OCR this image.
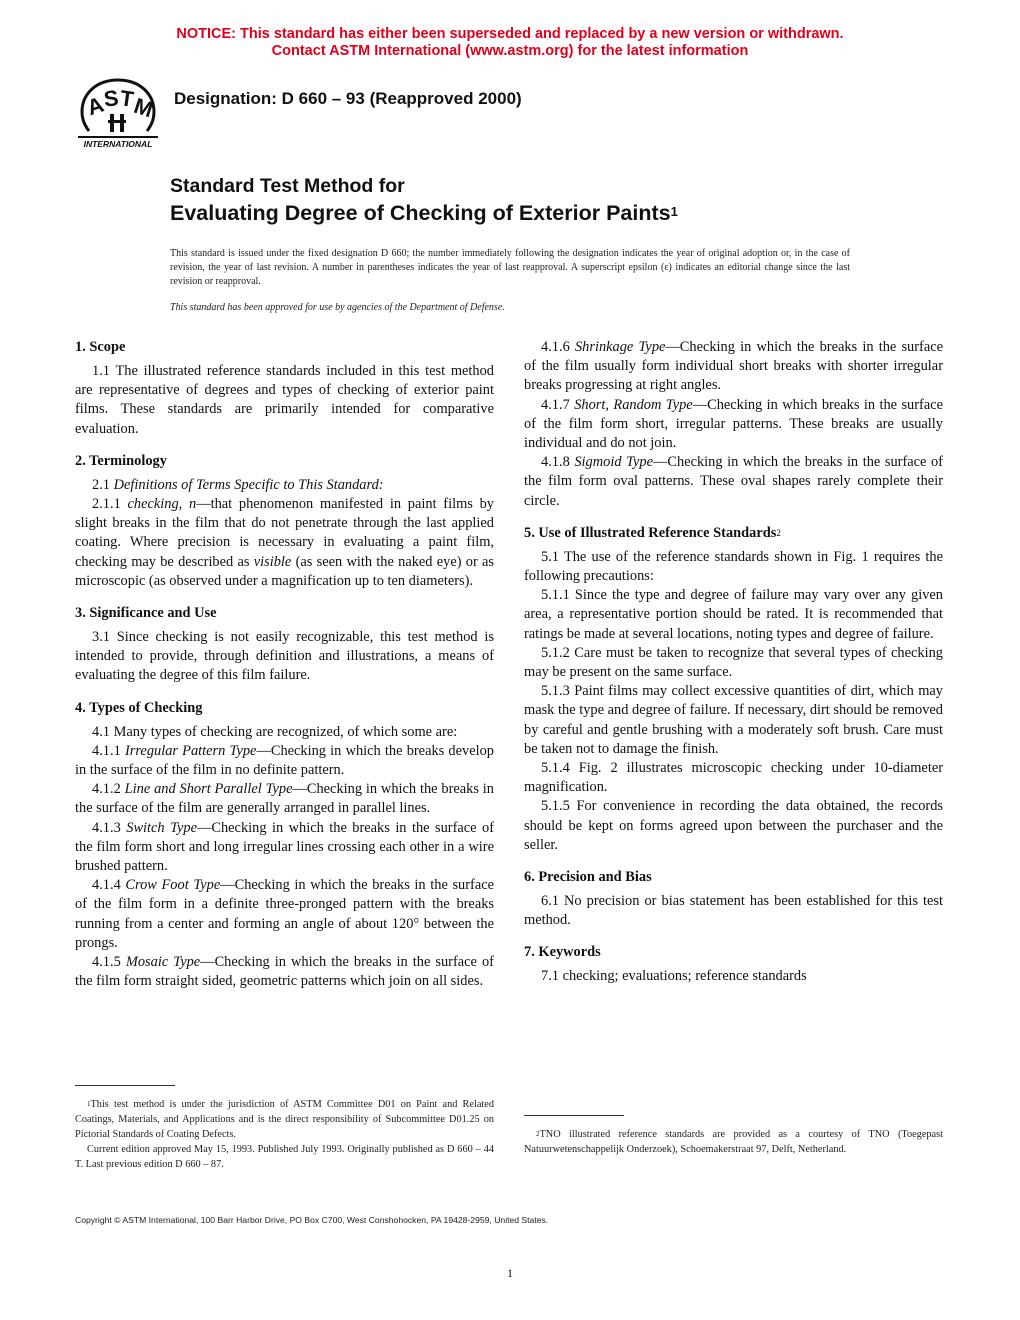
NOTICE: This standard has either been superseded and replaced by a new version or withdrawn.
Contact ASTM International (www.astm.org) for the latest information
A
S
T
M
INTERNATIONAL
Designation: D 660 – 93 (Reapproved 2000)
Standard Test Method for
Evaluating Degree of Checking of Exterior Paints$^1$
This standard is issued under the fixed designation D 660; the number immediately following the designation indicates the year of original adoption or, in the case of revision, the year of last revision. A number in parentheses indicates the year of last reapproval. A superscript epsilon (ε) indicates an editorial change since the last revision or reapproval.
This standard has been approved for use by agencies of the Department of Defense.
1. Scope

1.1 The illustrated reference standards included in this test method are representative of degrees and types of checking of exterior paint films. These standards are primarily intended for comparative evaluation.

2. Terminology

2.1 Definitions of Terms Specific to This Standard:

2.1.1 checking, n—that phenomenon manifested in paint films by slight breaks in the film that do not penetrate through the last applied coating. Where precision is necessary in evaluating a paint film, checking may be described as visible (as seen with the naked eye) or as microscopic (as observed under a magnification up to ten diameters).

3. Significance and Use

3.1 Since checking is not easily recognizable, this test method is intended to provide, through definition and illustrations, a means of evaluating the degree of this film failure.

4. Types of Checking

4.1 Many types of checking are recognized, of which some are:

4.1.1 Irregular Pattern Type—Checking in which the breaks develop in the surface of the film in no definite pattern.

4.1.2 Line and Short Parallel Type—Checking in which the breaks in the surface of the film are generally arranged in parallel lines.

4.1.3 Switch Type—Checking in which the breaks in the surface of the film form short and long irregular lines crossing each other in a wire brushed pattern.

4.1.4 Crow Foot Type—Checking in which the breaks in the surface of the film form in a definite three-pronged pattern with the breaks running from a center and forming an angle of about 120° between the prongs.

4.1.5 Mosaic Type—Checking in which the breaks in the surface of the film form straight sided, geometric patterns which join on all sides.

4.1.6 Shrinkage Type—Checking in which the breaks in the surface of the film usually form individual short breaks with shorter irregular breaks progressing at right angles.

4.1.7 Short, Random Type—Checking in which breaks in the surface of the film form short, irregular patterns. These breaks are usually individual and do not join.

4.1.8 Sigmoid Type—Checking in which the breaks in the surface of the film form oval patterns. These oval shapes rarely complete their circle.

5. Use of Illustrated Reference Standards$^2$

5.1 The use of the reference standards shown in Fig. 1 requires the following precautions:

5.1.1 Since the type and degree of failure may vary over any given area, a representative portion should be rated. It is recommended that ratings be made at several locations, noting types and degree of failure.

5.1.2 Care must be taken to recognize that several types of checking may be present on the same surface.

5.1.3 Paint films may collect excessive quantities of dirt, which may mask the type and degree of failure. If necessary, dirt should be removed by careful and gentle brushing with a moderately soft brush. Care must be taken not to damage the finish.

5.1.4 Fig. 2 illustrates microscopic checking under 10-diameter magnification.

5.1.5 For convenience in recording the data obtained, the records should be kept on forms agreed upon between the purchaser and the seller.

6. Precision and Bias

6.1 No precision or bias statement has been established for this test method.

7. Keywords

7.1 checking; evaluations; reference standards

$^1$This test method is under the jurisdiction of ASTM Committee D01 on Paint and Related Coatings, Materials, and Applications and is the direct responsibility of Subcommittee D01.25 on Pictorial Standards of Coating Defects.

Current edition approved May 15, 1993. Published July 1993. Originally published as D 660 – 44 T. Last previous edition D 660 – 87.

$^2$TNO illustrated reference standards are provided as a courtesy of TNO (Toegepast Natuurwetenschappelijk Onderzoek), Schoemakerstraat 97, Delft, Netherland.

Copyright © ASTM International, 100 Barr Harbor Drive, PO Box C700, West Conshohocken, PA 19428-2959, United States.
1
